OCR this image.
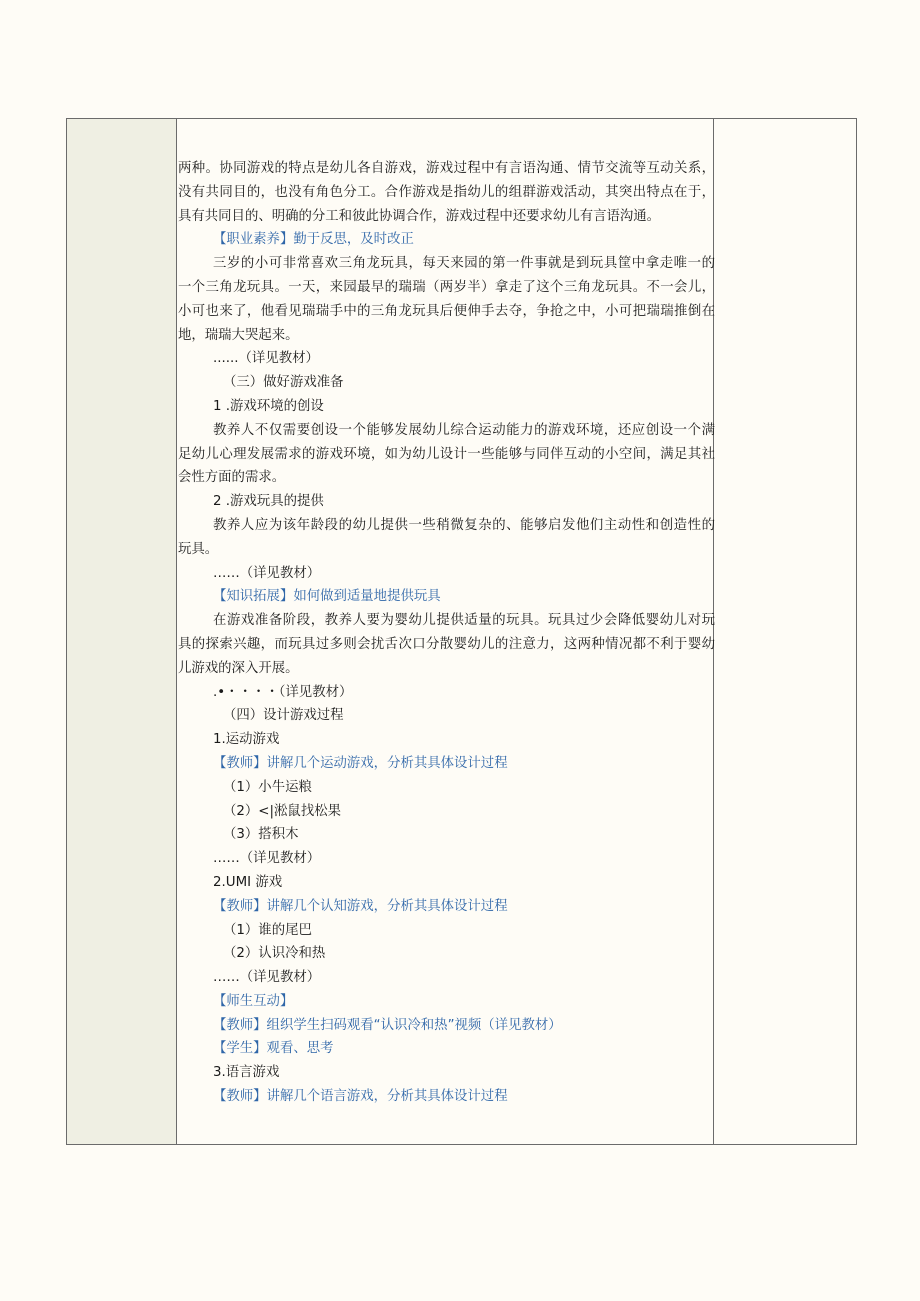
两种。协同游戏的特点是幼儿各自游戏，游戏过程中有言语沟通、情节交流等互动关系，
没有共同目的，也没有角色分工。合作游戏是指幼儿的组群游戏活动，其突出特点在于，
具有共同目的、明确的分工和彼此协调合作，游戏过程中还要求幼儿有言语沟通。
【职业素养】勤于反思，及时改正
三岁的小可非常喜欢三角龙玩具，每天来园的第一件事就是到玩具筐中拿走唯一的
一个三角龙玩具。一天，来园最早的瑞瑞（两岁半）拿走了这个三角龙玩具。不一会儿，
小可也来了，他看见瑞瑞手中的三角龙玩具后便伸手去夺，争抢之中，小可把瑞瑞推倒在
地，瑞瑞大哭起来。
......（详见教材）
（三）做好游戏准备
1 .游戏环境的创设
教养人不仅需要创设一个能够发展幼儿综合运动能力的游戏环境，还应创设一个满
足幼儿心理发展需求的游戏环境，如为幼儿设计一些能够与同伴互动的小空间，满足其社
会性方面的需求。
2 .游戏玩具的提供
教养人应为该年龄段的幼儿提供一些稍微复杂的、能够启发他们主动性和创造性的
玩具。
……（详见教材）
【知识拓展】如何做到适量地提供玩具
在游戏准备阶段，教养人要为婴幼儿提供适量的玩具。玩具过少会降低婴幼儿对玩
具的探索兴趣，而玩具过多则会扰舌次口分散婴幼儿的注意力，这两种情况都不利于婴幼
儿游戏的深入开展。
.•・・・・（详见教材）
（四）设计游戏过程
1.运动游戏
【教师】讲解几个运动游戏，分析其具体设计过程
（1）小牛运粮
（2）<|淞鼠找松果
（3）搭积木
……（详见教材）
2.UMI 游戏
【教师】讲解几个认知游戏，分析其具体设计过程
（1）谁的尾巴
（2）认识冷和热
……（详见教材）
【师生互动】
【教师】组织学生扫码观看“认识冷和热”视频（详见教材）
【学生】观看、思考
3.语言游戏
【教师】讲解几个语言游戏，分析其具体设计过程
